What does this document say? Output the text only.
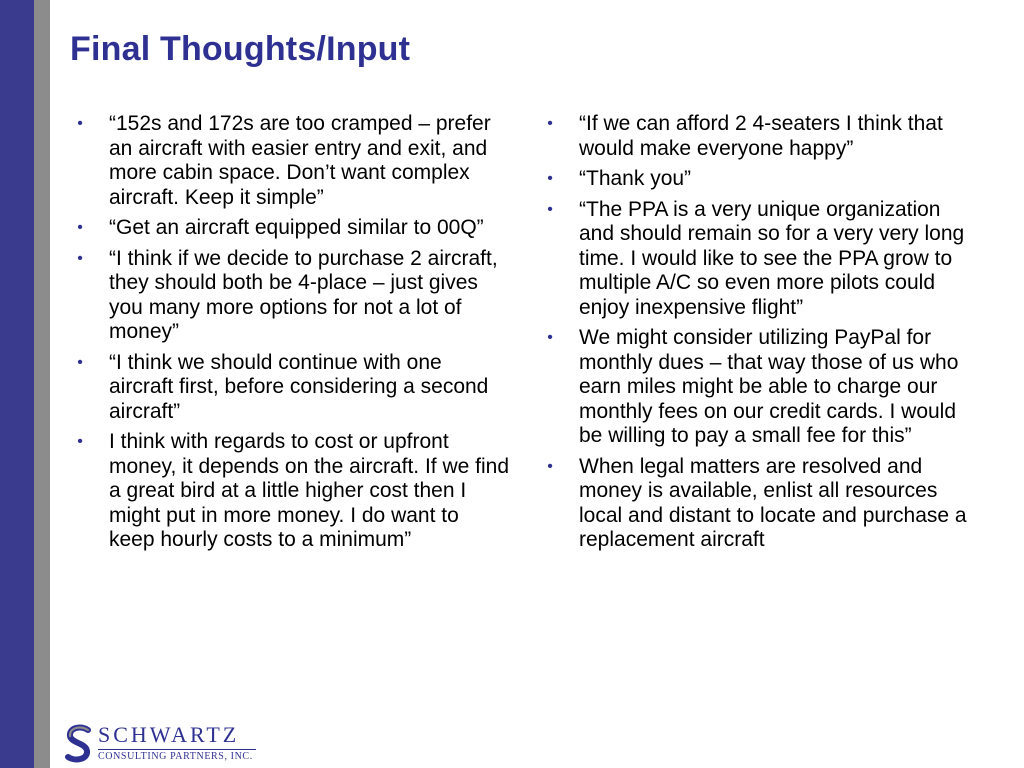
Final Thoughts/Input
•	“152s and 172s are too cramped – prefer an aircraft with easier entry and exit, and more cabin space. Don’t want complex aircraft. Keep it simple”
•	“Get an aircraft equipped similar to 00Q”
•	“I think if we decide to purchase 2 aircraft, they should both be 4-place – just gives you many more options for not a lot of money”
•	“I think we should continue with one aircraft first, before considering a second aircraft”
•	I think with regards to cost or upfront money, it depends on the aircraft. If we find a great bird at a little higher cost then I might put in more money. I do want to keep hourly costs to a minimum”
•	“If we can afford 2 4-seaters I think that would make everyone happy”
•	“Thank you”
•	“The PPA is a very unique organization and should remain so for a very very long time. I would like to see the PPA grow to multiple A/C so even more pilots could enjoy inexpensive flight”
•	We might consider utilizing PayPal for monthly dues – that way those of us who earn miles might be able to charge our monthly fees on our credit cards. I would be willing to pay a small fee for this”
•	When legal matters are resolved and money is available, enlist all resources local and distant to locate and purchase a replacement aircraft
SCHWARTZ
CONSULTING PARTNERS, INC.
